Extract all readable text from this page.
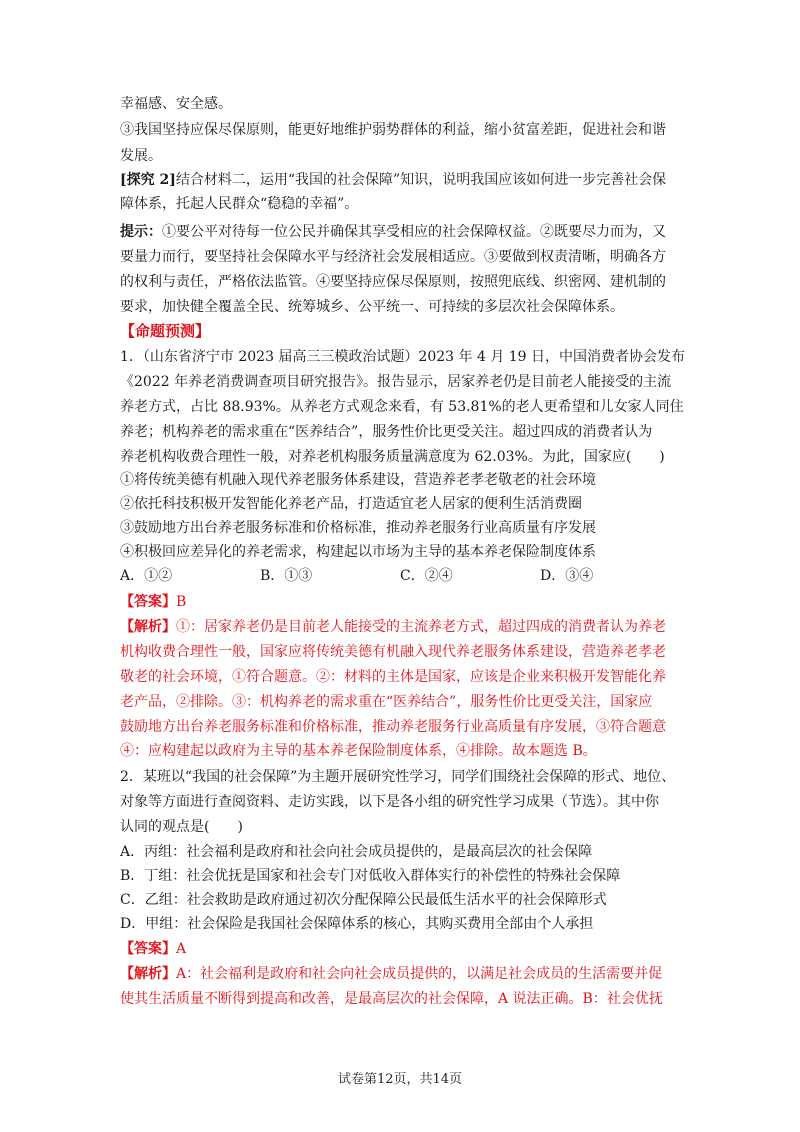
幸福感、安全感。
③我国坚持应保尽保原则，能更好地维护弱势群体的利益，缩小贫富差距，促进社会和谐
发展。
[探究 2]结合材料二，运用“我国的社会保障”知识，说明我国应该如何进一步完善社会保
障体系，托起人民群众“稳稳的幸福”。
提示：①要公平对待每一位公民并确保其享受相应的社会保障权益。②既要尽力而为，又
要量力而行，要坚持社会保障水平与经济社会发展相适应。③要做到权责清晰，明确各方
的权利与责任，严格依法监管。④要坚持应保尽保原则，按照兜底线、织密网、建机制的
要求，加快健全覆盖全民、统筹城乡、公平统一、可持续的多层次社会保障体系。
【命题预测】
1．（山东省济宁市 2023 届高三三模政治试题）2023 年 4 月 19 日，中国消费者协会发布
《2022 年养老消费调查项目研究报告》。报告显示，居家养老仍是目前老人能接受的主流
养老方式，占比 88.93%。从养老方式观念来看，有 53.81%的老人更希望和儿女家人同住
养老；机构养老的需求重在“医养结合”，服务性价比更受关注。超过四成的消费者认为
养老机构收费合理性一般，对养老机构服务质量满意度为 62.03%。为此，国家应(　　)
①将传统美德有机融入现代养老服务体系建设，营造养老孝老敬老的社会环境
②依托科技积极开发智能化养老产品，打造适宜老人居家的便利生活消费圈
③鼓励地方出台养老服务标准和价格标准，推动养老服务行业高质量有序发展
④积极回应差异化的养老需求，构建起以市场为主导的基本养老保险制度体系
A．①②	B．①③	C．②④	D．③④
【答案】B
【解析】①：居家养老仍是目前老人能接受的主流养老方式，超过四成的消费者认为养老
机构收费合理性一般，国家应将传统美德有机融入现代养老服务体系建设，营造养老孝老
敬老的社会环境，①符合题意。②：材料的主体是国家，应该是企业来积极开发智能化养
老产品，②排除。③：机构养老的需求重在“医养结合”，服务性价比更受关注，国家应
鼓励地方出台养老服务标准和价格标准，推动养老服务行业高质量有序发展，③符合题意
④：应构建起以政府为主导的基本养老保险制度体系，④排除。故本题选 B。
2．某班以“我国的社会保障”为主题开展研究性学习，同学们围绕社会保障的形式、地位、
对象等方面进行查阅资料、走访实践，以下是各小组的研究性学习成果（节选）。其中你
认同的观点是(　　)
A．丙组：社会福利是政府和社会向社会成员提供的，是最高层次的社会保障
B．丁组：社会优抚是国家和社会专门对低收入群体实行的补偿性的特殊社会保障
C．乙组：社会救助是政府通过初次分配保障公民最低生活水平的社会保障形式
D．甲组：社会保险是我国社会保障体系的核心，其购买费用全部由个人承担
【答案】A
【解析】A：社会福利是政府和社会向社会成员提供的，以满足社会成员的生活需要并促
使其生活质量不断得到提高和改善，是最高层次的社会保障，A 说法正确。B：社会优抚
试卷第12页，共14页
